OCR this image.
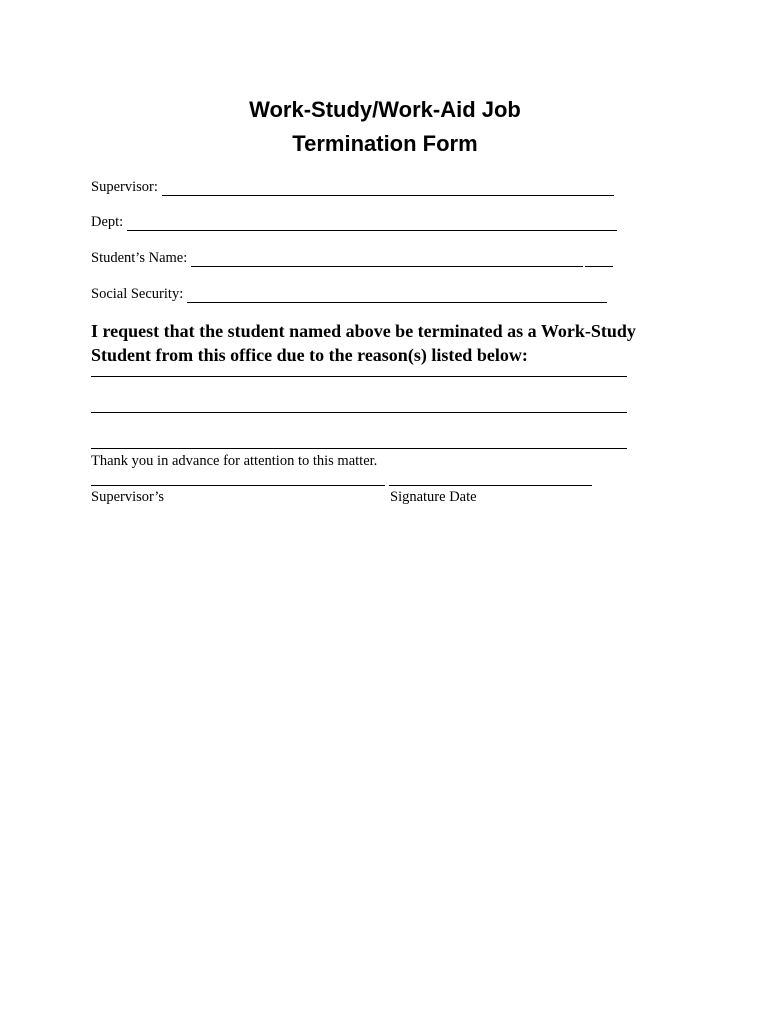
Work-Study/Work-Aid Job
Termination Form
Supervisor:
Dept:
Student’s Name:
Social Security:
I request that the student named above be terminated as a Work-Study Student from this office due to the reason(s) listed below:
Thank you in advance for attention to this matter.
Supervisor’s	Signature Date
